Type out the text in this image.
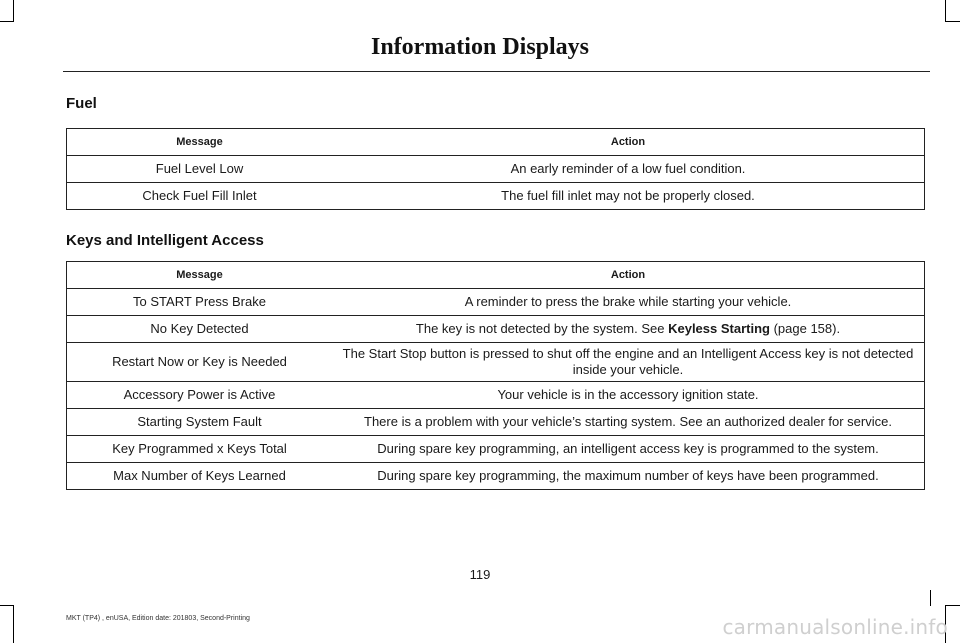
Information Displays
Fuel
Message	Action
Fuel Level Low	An early reminder of a low fuel condition.
Check Fuel Fill Inlet	The fuel fill inlet may not be properly closed.
Keys and Intelligent Access
Message	Action
To START Press Brake	A reminder to press the brake while starting your vehicle.
No Key Detected	The key is not detected by the system. See Keyless Starting (page 158).
Restart Now or Key is Needed	The Start Stop button is pressed to shut off the engine and an Intelligent Access key is not detected inside your vehicle.
Accessory Power is Active	Your vehicle is in the accessory ignition state.
Starting System Fault	There is a problem with your vehicle’s starting system. See an authorized dealer for service.
Key Programmed x Keys Total	During spare key programming, an intelligent access key is programmed to the system.
Max Number of Keys Learned	During spare key programming, the maximum number of keys have been programmed.
119
MKT (TP4) , enUSA, Edition date: 201803, Second-Printing	carmanualsonline.info
